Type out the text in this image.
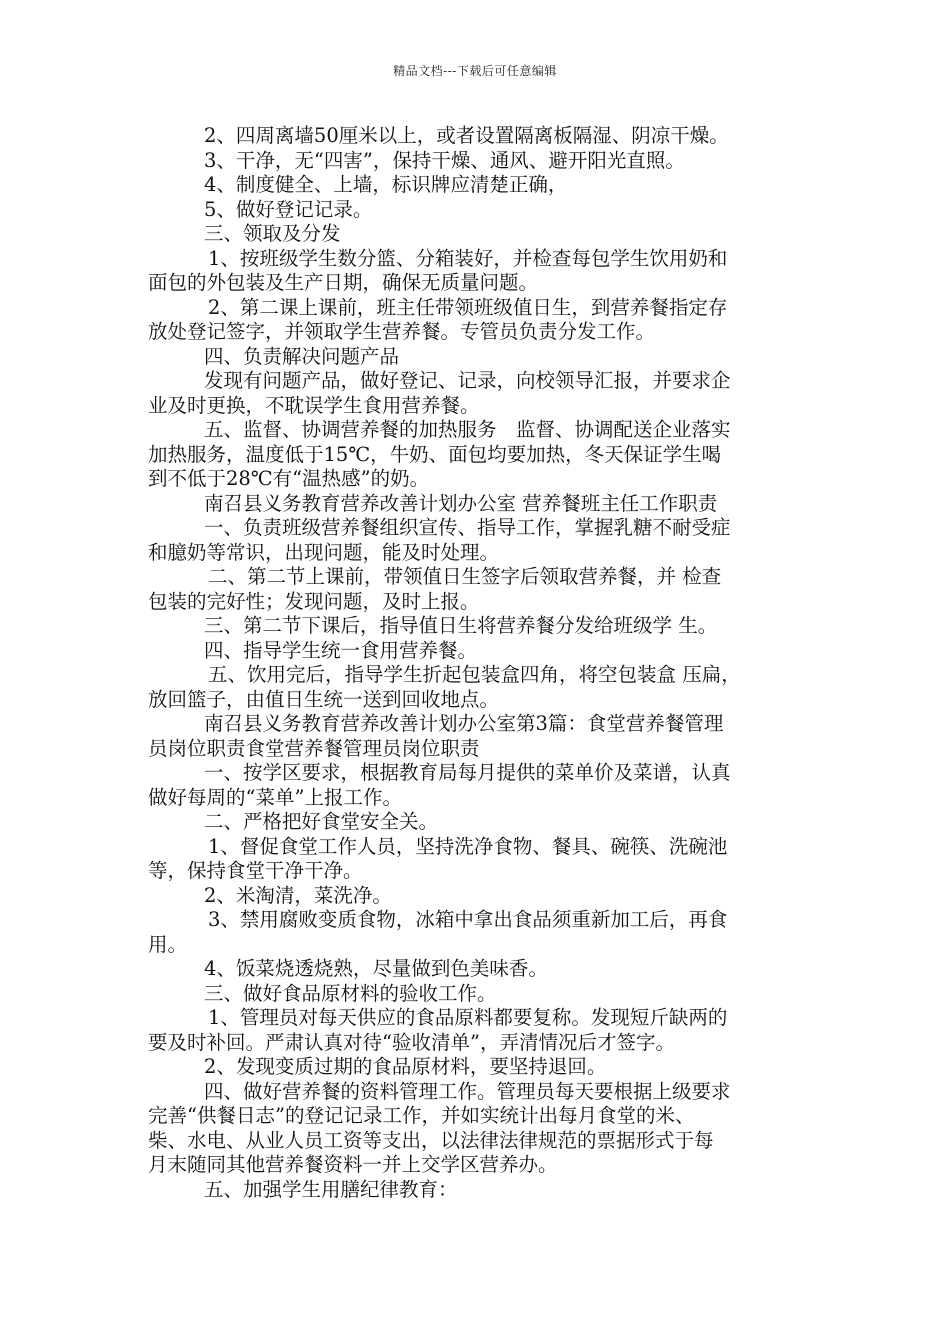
精品文档---下载后可任意编辑

2、四周离墙50厘米以上，或者设置隔离板隔湿、阴凉干燥。

3、干净，无“四害”，保持干燥、通风、避开阳光直照。

4、制度健全、上墙，标识牌应清楚正确，

5、做好登记记录。

三、领取及分发

1、按班级学生数分篮、分箱装好，并检查每包学生饮用奶和

面包的外包装及生产日期，确保无质量问题。

2、第二课上课前，班主任带领班级值日生，到营养餐指定存

放处登记签字，并领取学生营养餐。专管员负责分发工作。

四、负责解决问题产品

发现有问题产品，做好登记、记录，向校领导汇报，并要求企

业及时更换，不耽误学生食用营养餐。

五、监督、协调营养餐的加热服务　监督、协调配送企业落实

加热服务，温度低于15℃，牛奶、面包均要加热，冬天保证学生喝

到不低于28℃有“温热感”的奶。

南召县义务教育营养改善计划办公室 营养餐班主任工作职责

一、负责班级营养餐组织宣传、指导工作，掌握乳糖不耐受症

和臆奶等常识，出现问题，能及时处理。

二、第二节上课前，带领值日生签字后领取营养餐，并 检查

包装的完好性；发现问题，及时上报。

三、第二节下课后，指导值日生将营养餐分发给班级学 生。

四、指导学生统一食用营养餐。

五、饮用完后，指导学生折起包装盒四角，将空包装盒 压扁，

放回篮子，由值日生统一送到回收地点。

南召县义务教育营养改善计划办公室第3篇：食堂营养餐管理

员岗位职责食堂营养餐管理员岗位职责

一、按学区要求，根据教育局每月提供的菜单价及菜谱，认真

做好每周的“菜单”上报工作。

二、严格把好食堂安全关。

1、督促食堂工作人员，坚持洗净食物、餐具、碗筷、洗碗池

等，保持食堂干净干净。

2、米淘清，菜洗净。

3、禁用腐败变质食物，冰箱中拿出食品须重新加工后，再食

用。

4、饭菜烧透烧熟，尽量做到色美味香。

三、做好食品原材料的验收工作。

1、管理员对每天供应的食品原料都要复称。发现短斤缺两的

要及时补回。严肃认真对待“验收清单”，弄清情况后才签字。

2、发现变质过期的食品原材料，要坚持退回。

四、做好营养餐的资料管理工作。管理员每天要根据上级要求

完善“供餐日志”的登记记录工作，并如实统计出每月食堂的米、

柴、水电、从业人员工资等支出，以法律法律规范的票据形式于每

月末随同其他营养餐资料一并上交学区营养办。

五、加强学生用膳纪律教育：
